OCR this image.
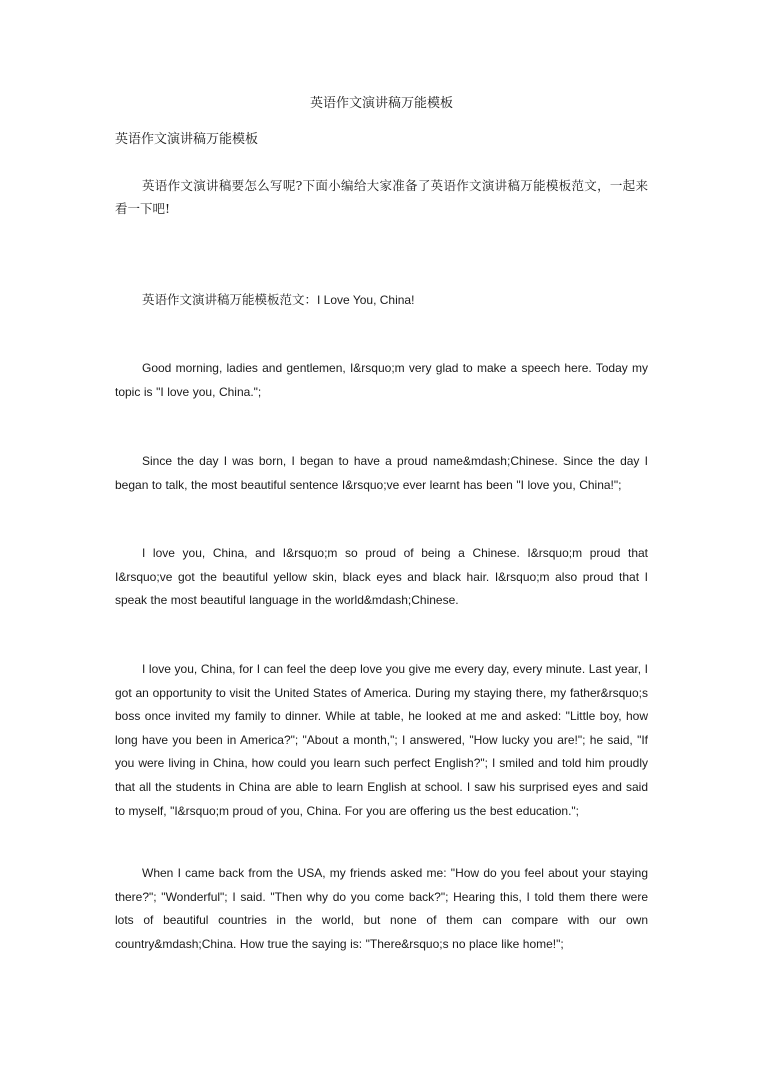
英语作文演讲稿万能模板
英语作文演讲稿万能模板
英语作文演讲稿要怎么写呢?下面小编给大家准备了英语作文演讲稿万能模板范文，一起来看一下吧!
英语作文演讲稿万能模板范文：I Love You, China!
Good morning, ladies and gentlemen, I&rsquo;m very glad to make a speech here. Today my topic is "I love you, China.";
Since the day I was born, I began to have a proud name&mdash;Chinese. Since the day I began to talk, the most beautiful sentence I&rsquo;ve ever learnt has been "I love you, China!";
I love you, China, and I&rsquo;m so proud of being a Chinese. I&rsquo;m proud that I&rsquo;ve got the beautiful yellow skin, black eyes and black hair. I&rsquo;m also proud that I speak the most beautiful language in the world&mdash;Chinese.
I love you, China, for I can feel the deep love you give me every day, every minute. Last year, I got an opportunity to visit the United States of America. During my staying there, my father&rsquo;s boss once invited my family to dinner. While at table, he looked at me and asked: "Little boy, how long have you been in America?"; "About a month,"; I answered, "How lucky you are!"; he said, "If you were living in China, how could you learn such perfect English?"; I smiled and told him proudly that all the students in China are able to learn English at school. I saw his surprised eyes and said to myself, "I&rsquo;m proud of you, China. For you are offering us the best education.";
When I came back from the USA, my friends asked me: "How do you feel about your staying there?"; "Wonderful"; I said. "Then why do you come back?"; Hearing this, I told them there were lots of beautiful countries in the world, but none of them can compare with our own country&mdash;China. How true the saying is: "There&rsquo;s no place like home!";
